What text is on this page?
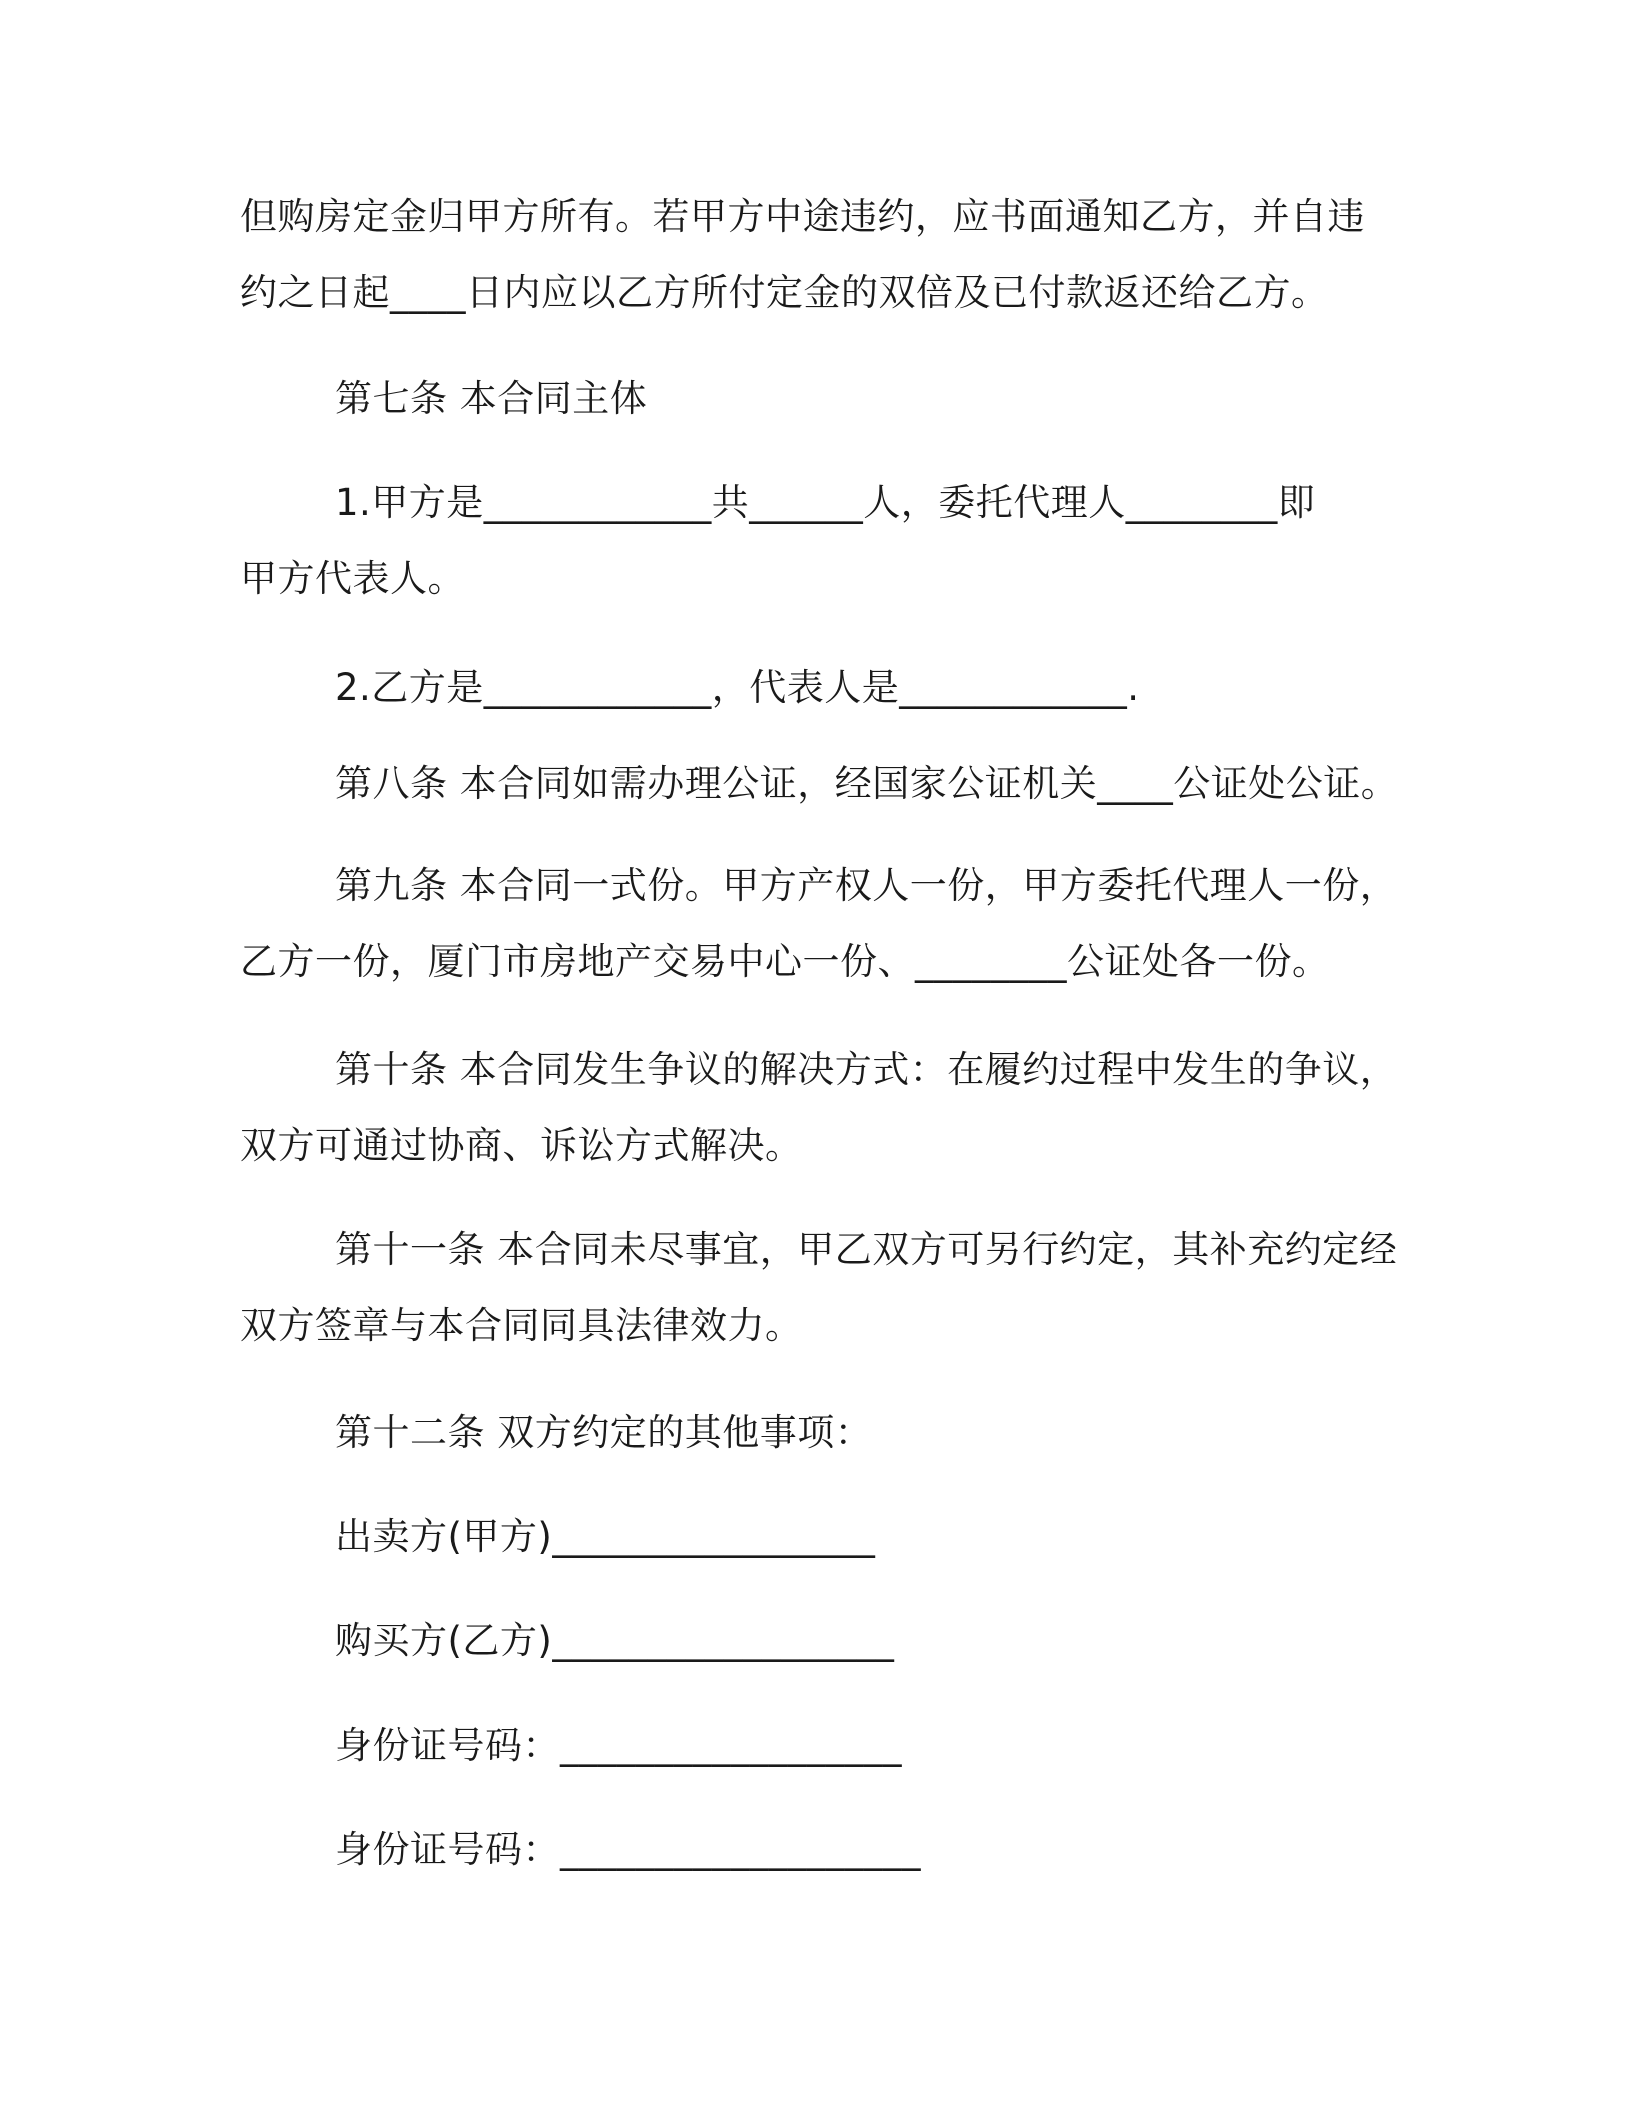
但购房定金归甲方所有。若甲方中途违约，应书面通知乙方，并自违
约之日起____日内应以乙方所付定金的双倍及已付款返还给乙方。
第七条 本合同主体
1.甲方是____________共______人，委托代理人________即
甲方代表人。
2.乙方是____________，代表人是____________.
第八条 本合同如需办理公证，经国家公证机关____公证处公证。
第九条 本合同一式份。甲方产权人一份，甲方委托代理人一份，
乙方一份，厦门市房地产交易中心一份、________公证处各一份。
第十条 本合同发生争议的解决方式：在履约过程中发生的争议，
双方可通过协商、诉讼方式解决。
第十一条 本合同未尽事宜，甲乙双方可另行约定，其补充约定经
双方签章与本合同同具法律效力。
第十二条 双方约定的其他事项：
出卖方(甲方)_________________
购买方(乙方)__________________
身份证号码：__________________
身份证号码：___________________
